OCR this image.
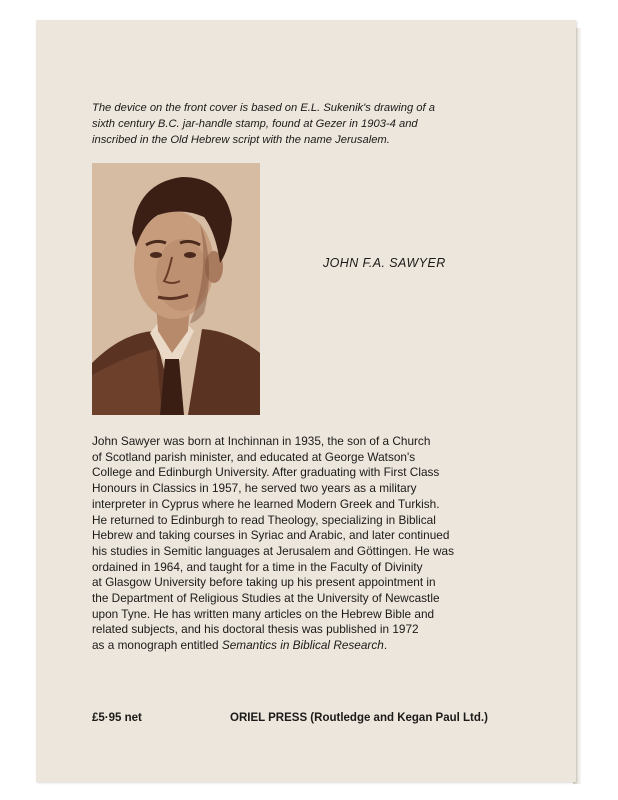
The device on the front cover is based on E.L. Sukenik's drawing of a
sixth century B.C. jar-handle stamp, found at Gezer in 1903-4 and
inscribed in the Old Hebrew script with the name Jerusalem.
JOHN F.A. SAWYER
John Sawyer was born at Inchinnan in 1935, the son of a Church
of Scotland parish minister, and educated at George Watson's
College and Edinburgh University. After graduating with First Class
Honours in Classics in 1957, he served two years as a military
interpreter in Cyprus where he learned Modern Greek and Turkish.
He returned to Edinburgh to read Theology, specializing in Biblical
Hebrew and taking courses in Syriac and Arabic, and later continued
his studies in Semitic languages at Jerusalem and Göttingen. He was
ordained in 1964, and taught for a time in the Faculty of Divinity
at Glasgow University before taking up his present appointment in
the Department of Religious Studies at the University of Newcastle
upon Tyne. He has written many articles on the Hebrew Bible and
related subjects, and his doctoral thesis was published in 1972
as a monograph entitled Semantics in Biblical Research.
£5·95 net	ORIEL PRESS (Routledge and Kegan Paul Ltd.)
